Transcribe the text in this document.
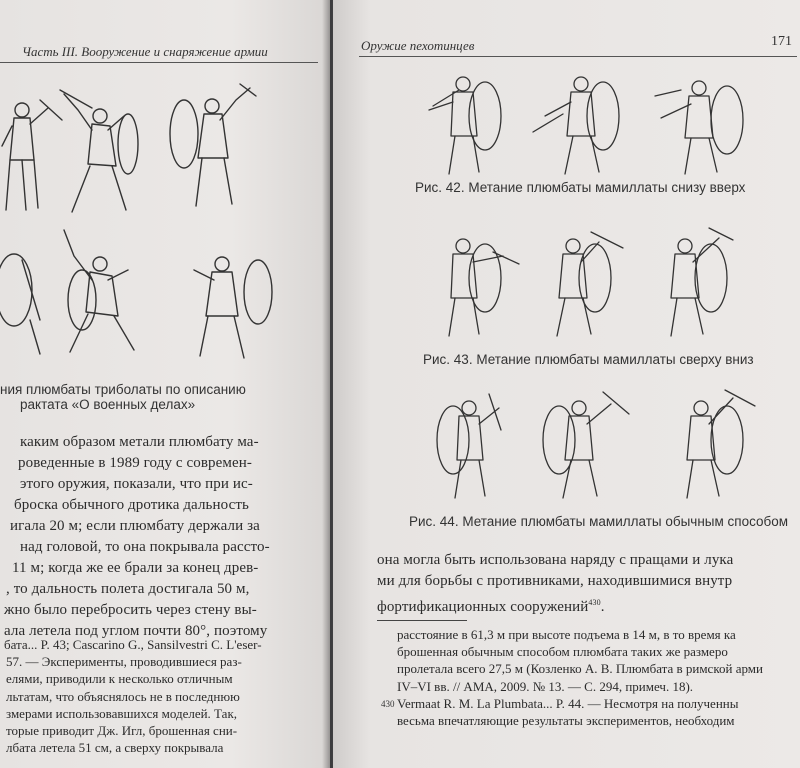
Часть III. Вооружение и снаряжение армии
ния плюмбаты триболаты по описанию
рактата «О военных делах»
каким образом метали плюмбату ма-
роведенные в 1989 году с современ-
этого оружия, показали, что при ис-
броска обычного дротика дальность
игала 20 м; если плюмбату держали за
над головой, то она покрывала рассто-
11 м; когда же ее брали за конец древ-
, то дальность полета достигала 50 м,
жно было перебросить через стену вы-
ала летела под углом почти 80°, поэтому
бата... P. 43; Cascarino G., Sansilvestri C. L'eser-
57. — Эксперименты, проводившиеся раз-
елями, приводили к несколько отличным
льтатам, что объяснялось не в последнюю
змерами использовавшихся моделей. Так,
торые приводит Дж. Игл, брошенная сни-
лбата летела 51 см, а сверху покрывала
Оружие пехотинцев	171
Рис. 42. Метание плюмбаты мамиллаты снизу вверх
Рис. 43. Метание плюмбаты мамиллаты сверху вниз
Рис. 44. Метание плюмбаты мамиллаты обычным способом
она могла быть использована наряду с пращами и лука
ми для борьбы с противниками, находившимися внутр
фортификационных сооружений$^{430}$.
расстояние в 61,3 м при высоте подъема в 14 м, в то время ка
брошенная обычным способом плюмбата таких же размеро
пролетала всего 27,5 м (Козленко А. В. Плюмбата в римской арми
IV–VI вв. // AMA, 2009. № 13. — С. 294, примеч. 18).
Vermaat R. M. La Plumbata... P. 44. — Несмотря на полученны
весьма впечатляющие результаты экспериментов, необходим
430
